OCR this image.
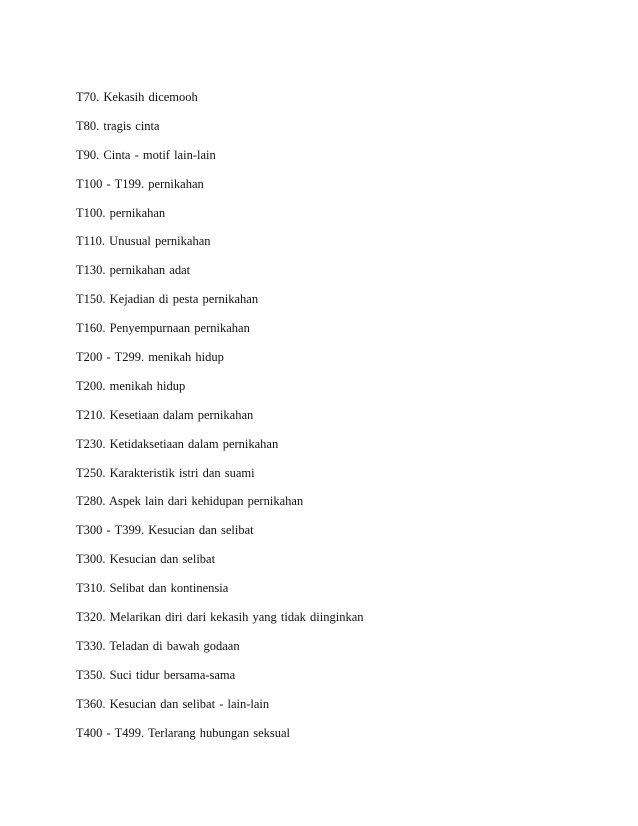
T70. Kekasih dicemooh
T80. tragis cinta
T90. Cinta - motif lain-lain
T100 - T199. pernikahan
T100. pernikahan
T110. Unusual pernikahan
T130. pernikahan adat
T150. Kejadian di pesta pernikahan
T160. Penyempurnaan pernikahan
T200 - T299. menikah hidup
T200. menikah hidup
T210. Kesetiaan dalam pernikahan
T230. Ketidaksetiaan dalam pernikahan
T250. Karakteristik istri dan suami
T280. Aspek lain dari kehidupan pernikahan
T300 - T399. Kesucian dan selibat
T300. Kesucian dan selibat
T310. Selibat dan kontinensia
T320. Melarikan diri dari kekasih yang tidak diinginkan
T330. Teladan di bawah godaan
T350. Suci tidur bersama-sama
T360. Kesucian dan selibat - lain-lain
T400 - T499. Terlarang hubungan seksual
